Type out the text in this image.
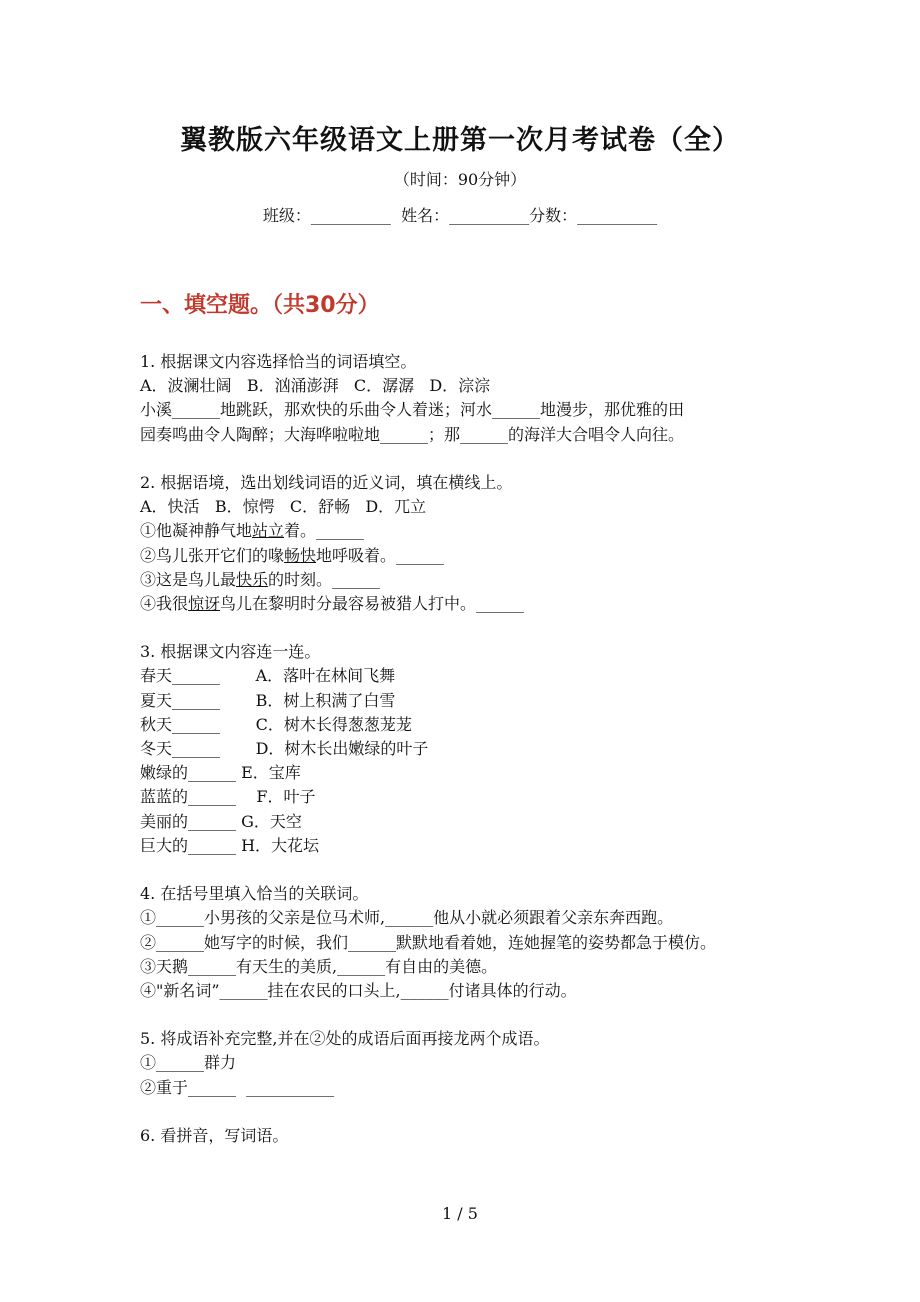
翼教版六年级语文上册第一次月考试卷（全）
（时间：90分钟）
班级：__________  姓名：__________分数：__________
一、填空题。（共30分）
1. 根据课文内容选择恰当的词语填空。
A．波澜壮阔   B．汹涌澎湃   C．潺潺   D．淙淙
小溪______地跳跃，那欢快的乐曲令人着迷；河水______地漫步，那优雅的田
园奏鸣曲令人陶醉；大海哗啦啦地______；那______的海洋大合唱令人向往。
2. 根据语境，选出划线词语的近义词，填在横线上。
A．快活   B．惊愕   C．舒畅   D．兀立
①他凝神静气地站立着。______
②鸟儿张开它们的喙畅快地呼吸着。______
③这是鸟儿最快乐的时刻。______
④我很惊讶鸟儿在黎明时分最容易被猎人打中。______
3. 根据课文内容连一连。
春天______       A．落叶在林间飞舞
夏天______       B．树上积满了白雪
秋天______       C．树木长得葱葱茏茏
冬天______       D．树木长出嫩绿的叶子
嫩绿的______ E．宝库
蓝蓝的______    F．叶子
美丽的______ G．天空
巨大的______ H．大花坛
4. 在括号里填入恰当的关联词。
①______小男孩的父亲是位马术师,______他从小就必须跟着父亲东奔西跑。
②______她写字的时候，我们______默默地看着她，连她握笔的姿势都急于模仿。
③天鹅______有天生的美质,______有自由的美德。
④"新名词”______挂在农民的口头上,______付诸具体的行动。
5. 将成语补充完整,并在②处的成语后面再接龙两个成语。
①______群力
②重于______  ___________
6. 看拼音，写词语。
1 / 5
